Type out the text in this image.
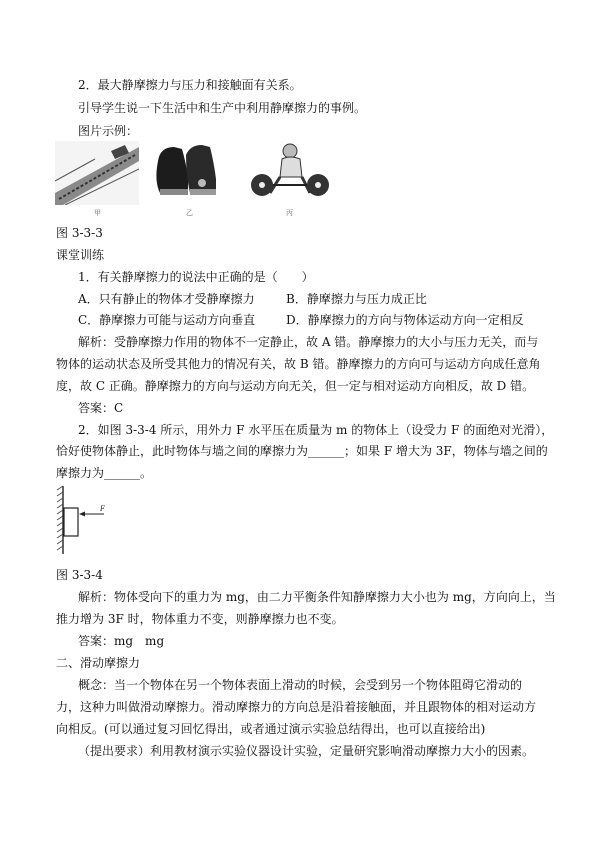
2．最大静摩擦力与压力和接触面有关系。
引导学生说一下生活中和生产中利用静摩擦力的事例。
图片示例：
甲	乙	丙
图 3-3-3
课堂训练
1．有关静摩擦力的说法中正确的是（　　）
A．只有静止的物体才受静摩擦力	B．静摩擦力与压力成正比
C．静摩擦力可能与运动方向垂直	D．静摩擦力的方向与物体运动方向一定相反
解析：受静摩擦力作用的物体不一定静止，故 A 错。静摩擦力的大小与压力无关，而与
物体的运动状态及所受其他力的情况有关，故 B 错。静摩擦力的方向可与运动方向成任意角
度，故 C 正确。静摩擦力的方向与运动方向无关，但一定与相对运动方向相反，故 D 错。
答案：C
2．如图 3-3-4 所示，用外力 F 水平压在质量为 m 的物体上（设受力 F 的面绝对光滑），
恰好使物体静止，此时物体与墙之间的摩擦力为______；如果 F 增大为 3F，物体与墙之间的
摩擦力为______。
F
图 3-3-4
解析：物体受向下的重力为 mg，由二力平衡条件知静摩擦力大小也为 mg，方向向上，当
推力增为 3F 时，物体重力不变，则静摩擦力也不变。
答案：mg　mg
二、滑动摩擦力
概念：当一个物体在另一个物体表面上滑动的时候，会受到另一个物体阻碍它滑动的
力，这种力叫做滑动摩擦力。滑动摩擦力的方向总是沿着接触面，并且跟物体的相对运动方
向相反。(可以通过复习回忆得出，或者通过演示实验总结得出，也可以直接给出)
（提出要求）利用教材演示实验仪器设计实验，定量研究影响滑动摩擦力大小的因素。
